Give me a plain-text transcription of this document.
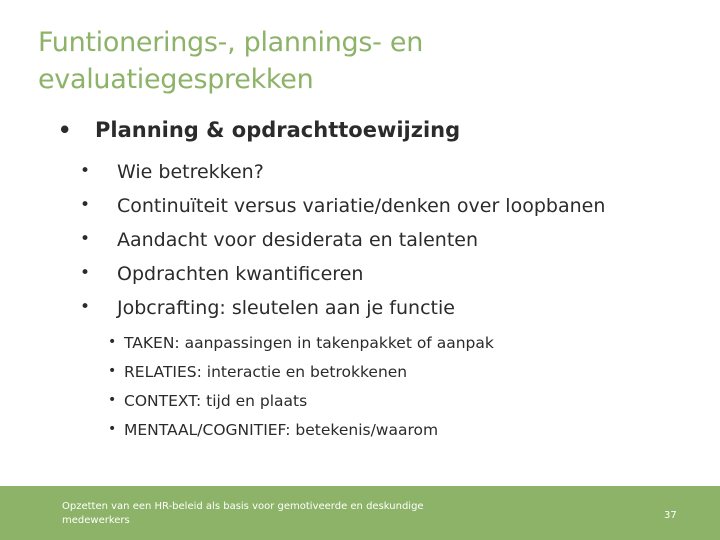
Funtionerings-, plannings- en
evaluatiegesprekken
• Planning & opdrachttoewijzing
• Wie betrekken?
• Continuïteit versus variatie/denken over loopbanen
• Aandacht voor desiderata en talenten
• Opdrachten kwantificeren
• Jobcrafting: sleutelen aan je functie
• TAKEN: aanpassingen in takenpakket of aanpak
• RELATIES: interactie en betrokkenen
• CONTEXT: tijd en plaats
• MENTAAL/COGNITIEF: betekenis/waarom
Opzetten van een HR-beleid als basis voor gemotiveerde en deskundige medewerkers	37
